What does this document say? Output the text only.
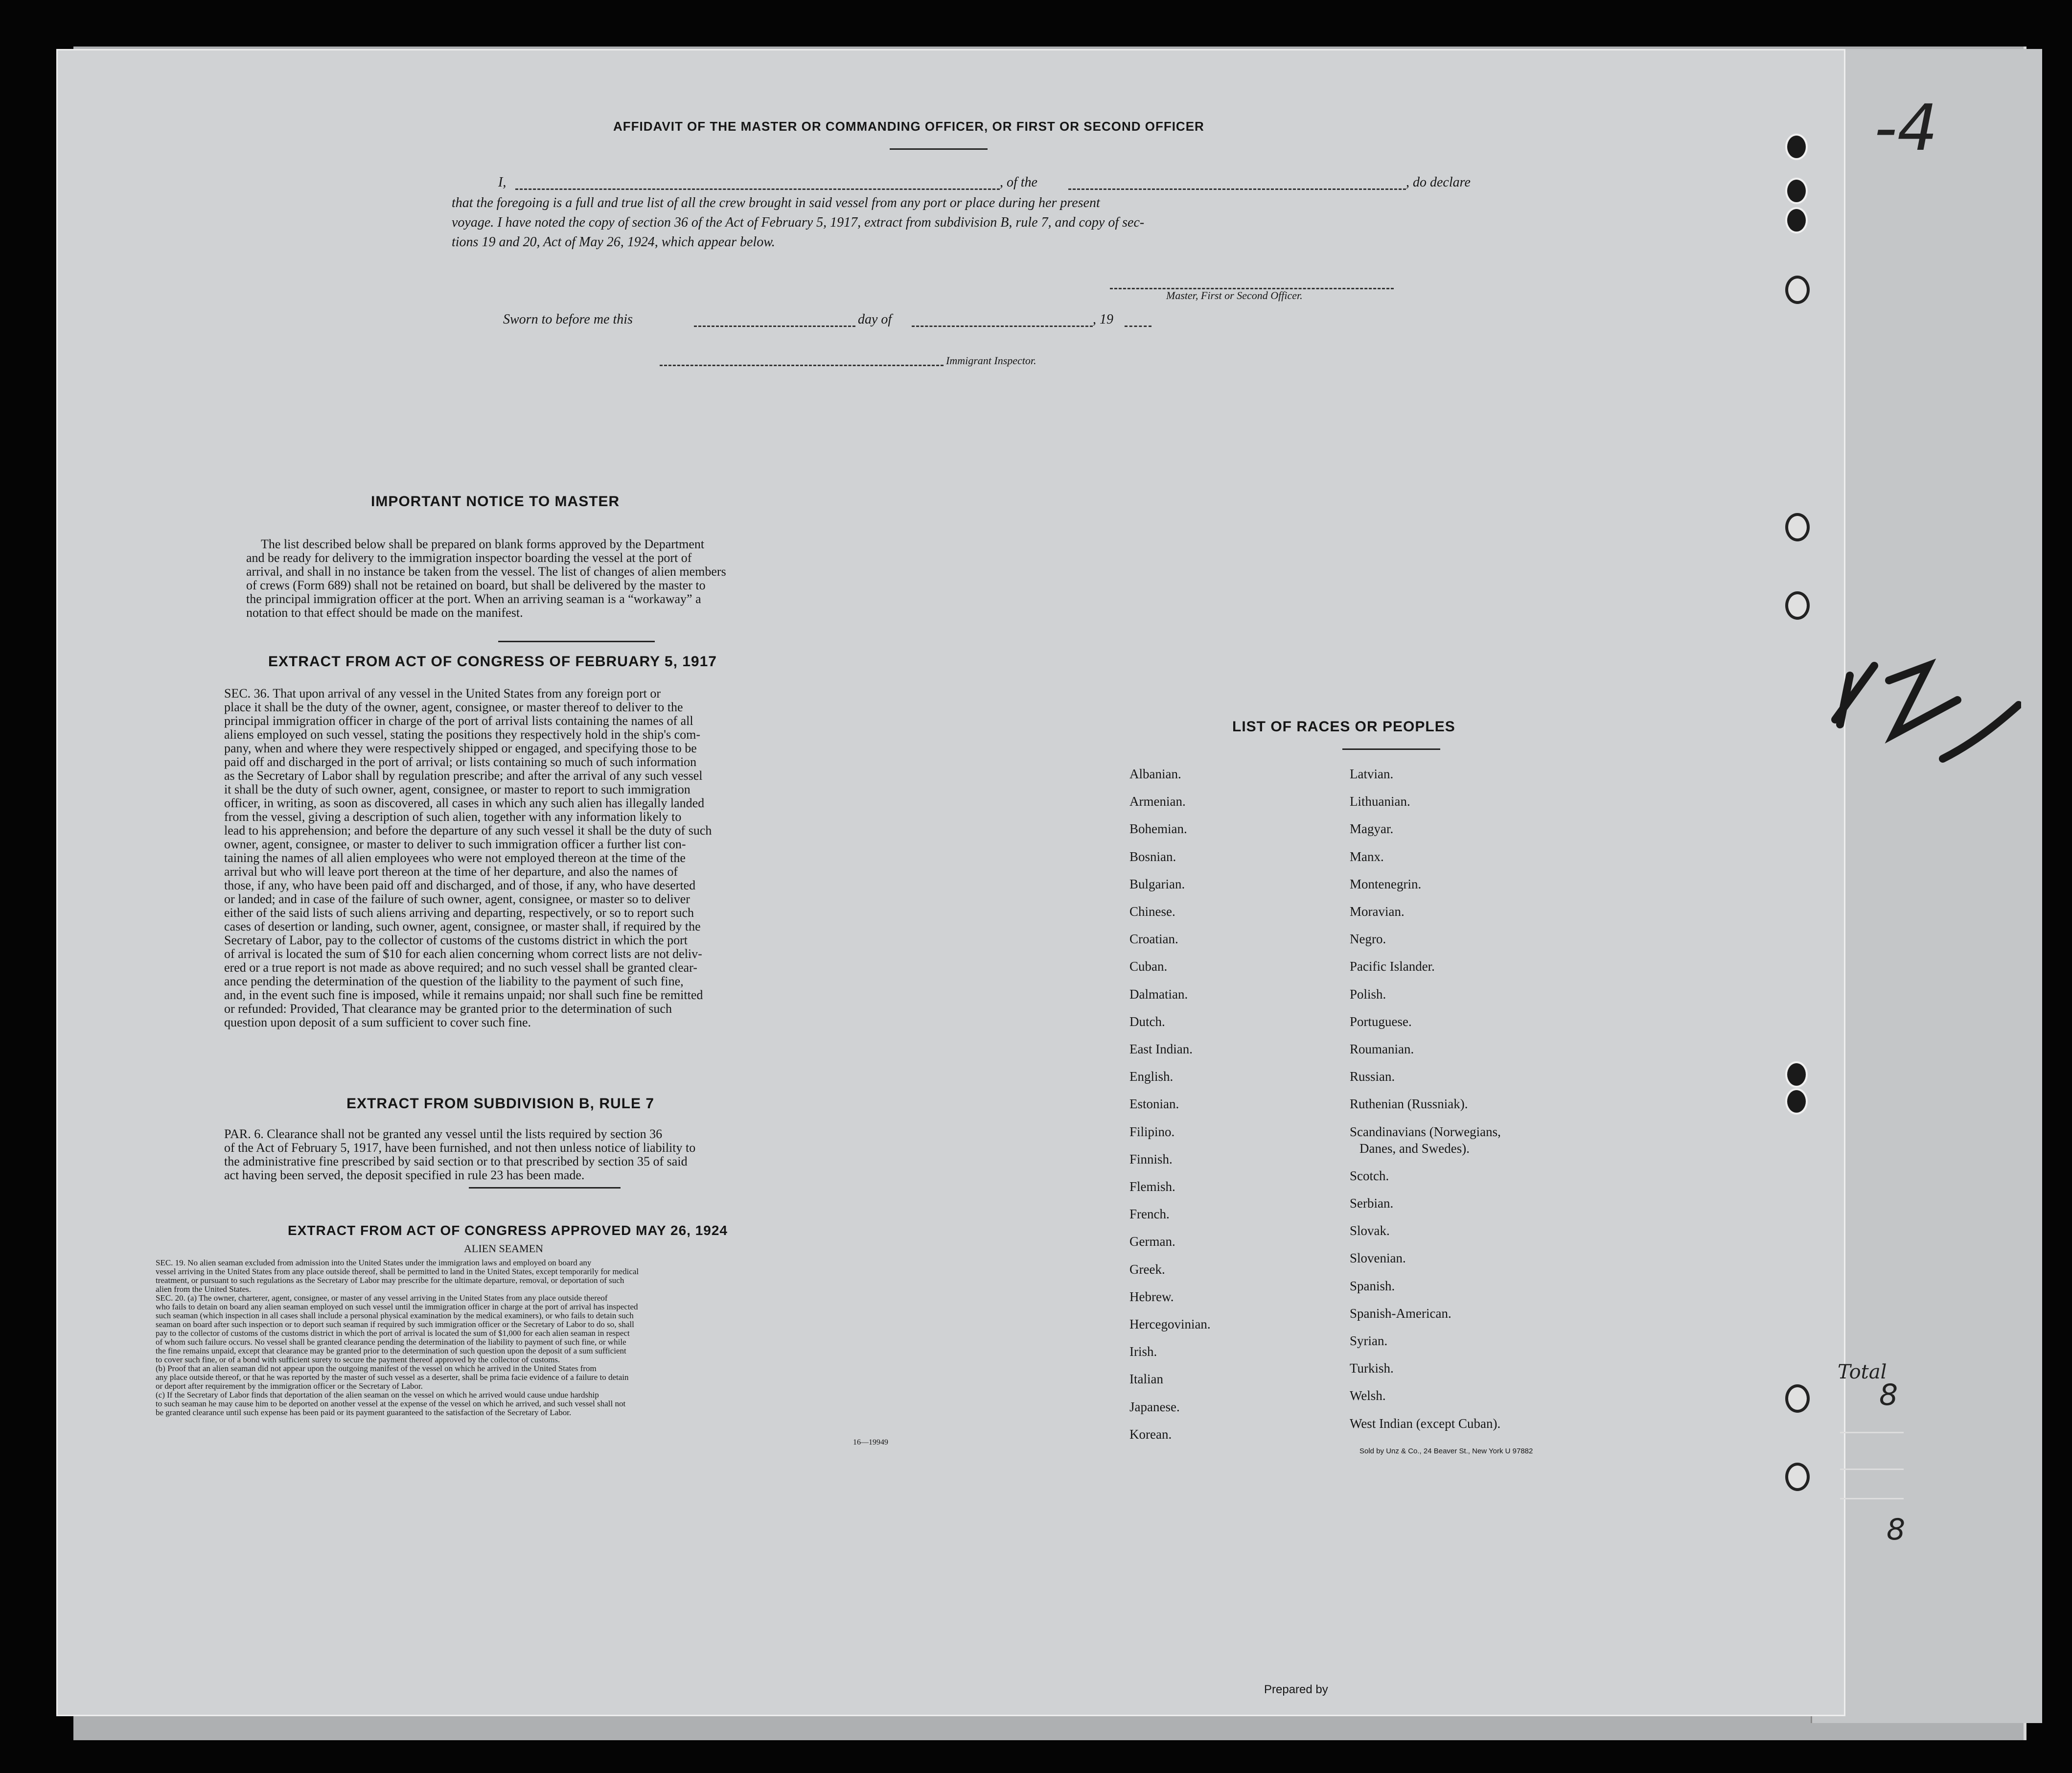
AFFIDAVIT OF THE MASTER OR COMMANDING OFFICER, OR FIRST OR SECOND OFFICER
I,	, of the	, do declare
that the foregoing is a full and true list of all the crew brought in said vessel from any port or place during her present
voyage. I have noted the copy of section 36 of the Act of February 5, 1917, extract from subdivision B, rule 7, and copy of sec-
tions 19 and 20, Act of May 26, 1924, which appear below.
Master, First or Second Officer.
Sworn to before me this	day of	, 19
Immigrant Inspector.
IMPORTANT NOTICE TO MASTER
The list described below shall be prepared on blank forms approved by the Department
and be ready for delivery to the immigration inspector boarding the vessel at the port of
arrival, and shall in no instance be taken from the vessel. The list of changes of alien members
of crews (Form 689) shall not be retained on board, but shall be delivered by the master to
the principal immigration officer at the port. When an arriving seaman is a “workaway” a
notation to that effect should be made on the manifest.
EXTRACT FROM ACT OF CONGRESS OF FEBRUARY 5, 1917
SEC. 36. That upon arrival of any vessel in the United States from any foreign port or
place it shall be the duty of the owner, agent, consignee, or master thereof to deliver to the
principal immigration officer in charge of the port of arrival lists containing the names of all
aliens employed on such vessel, stating the positions they respectively hold in the ship's com-
pany, when and where they were respectively shipped or engaged, and specifying those to be
paid off and discharged in the port of arrival; or lists containing so much of such information
as the Secretary of Labor shall by regulation prescribe; and after the arrival of any such vessel
it shall be the duty of such owner, agent, consignee, or master to report to such immigration
officer, in writing, as soon as discovered, all cases in which any such alien has illegally landed
from the vessel, giving a description of such alien, together with any information likely to
lead to his apprehension; and before the departure of any such vessel it shall be the duty of such
owner, agent, consignee, or master to deliver to such immigration officer a further list con-
taining the names of all alien employees who were not employed thereon at the time of the
arrival but who will leave port thereon at the time of her departure, and also the names of
those, if any, who have been paid off and discharged, and of those, if any, who have deserted
or landed; and in case of the failure of such owner, agent, consignee, or master so to deliver
either of the said lists of such aliens arriving and departing, respectively, or so to report such
cases of desertion or landing, such owner, agent, consignee, or master shall, if required by the
Secretary of Labor, pay to the collector of customs of the customs district in which the port
of arrival is located the sum of $10 for each alien concerning whom correct lists are not deliv-
ered or a true report is not made as above required; and no such vessel shall be granted clear-
ance pending the determination of the question of the liability to the payment of such fine,
and, in the event such fine is imposed, while it remains unpaid; nor shall such fine be remitted
or refunded: Provided, That clearance may be granted prior to the determination of such
question upon deposit of a sum sufficient to cover such fine.
EXTRACT FROM SUBDIVISION B, RULE 7
PAR. 6. Clearance shall not be granted any vessel until the lists required by section 36
of the Act of February 5, 1917, have been furnished, and not then unless notice of liability to
the administrative fine prescribed by said section or to that prescribed by section 35 of said
act having been served, the deposit specified in rule 23 has been made.
EXTRACT FROM ACT OF CONGRESS APPROVED MAY 26, 1924
ALIEN SEAMEN
SEC. 19. No alien seaman excluded from admission into the United States under the immigration laws and employed on board any
vessel arriving in the United States from any place outside thereof, shall be permitted to land in the United States, except temporarily for medical
treatment, or pursuant to such regulations as the Secretary of Labor may prescribe for the ultimate departure, removal, or deportation of such
alien from the United States.
SEC. 20. (a) The owner, charterer, agent, consignee, or master of any vessel arriving in the United States from any place outside thereof
who fails to detain on board any alien seaman employed on such vessel until the immigration officer in charge at the port of arrival has inspected
such seaman (which inspection in all cases shall include a personal physical examination by the medical examiners), or who fails to detain such
seaman on board after such inspection or to deport such seaman if required by such immigration officer or the Secretary of Labor to do so, shall
pay to the collector of customs of the customs district in which the port of arrival is located the sum of $1,000 for each alien seaman in respect
of whom such failure occurs. No vessel shall be granted clearance pending the determination of the liability to payment of such fine, or while
the fine remains unpaid, except that clearance may be granted prior to the determination of such question upon the deposit of a sum sufficient
to cover such fine, or of a bond with sufficient surety to secure the payment thereof approved by the collector of customs.
(b) Proof that an alien seaman did not appear upon the outgoing manifest of the vessel on which he arrived in the United States from
any place outside thereof, or that he was reported by the master of such vessel as a deserter, shall be prima facie evidence of a failure to detain
or deport after requirement by the immigration officer or the Secretary of Labor.
(c) If the Secretary of Labor finds that deportation of the alien seaman on the vessel on which he arrived would cause undue hardship
to such seaman he may cause him to be deported on another vessel at the expense of the vessel on which he arrived, and such vessel shall not
be granted clearance until such expense has been paid or its payment guaranteed to the satisfaction of the Secretary of Labor.
16—19949
LIST OF RACES OR PEOPLES
Sold by Unz & Co., 24 Beaver St., New York U 97882
Prepared by
Albanian.
Armenian.
Bohemian.
Bosnian.
Bulgarian.
Chinese.
Croatian.
Cuban.
Dalmatian.
Dutch.
East Indian.
English.
Estonian.
Filipino.
Finnish.
Flemish.
French.
German.
Greek.
Hebrew.
Hercegovinian.
Irish.
Italian
Japanese.
Korean.
Latvian.
Lithuanian.
Magyar.
Manx.
Montenegrin.
Moravian.
Negro.
Pacific Islander.
Polish.
Portuguese.
Roumanian.
Russian.
Ruthenian (Russniak).
Scandinavians (Norwegians,
Danes, and Swedes).
Scotch.
Serbian.
Slovak.
Slovenian.
Spanish.
Spanish-American.
Syrian.
Turkish.
Welsh.
West Indian (except Cuban).
-4
Total
8
8
